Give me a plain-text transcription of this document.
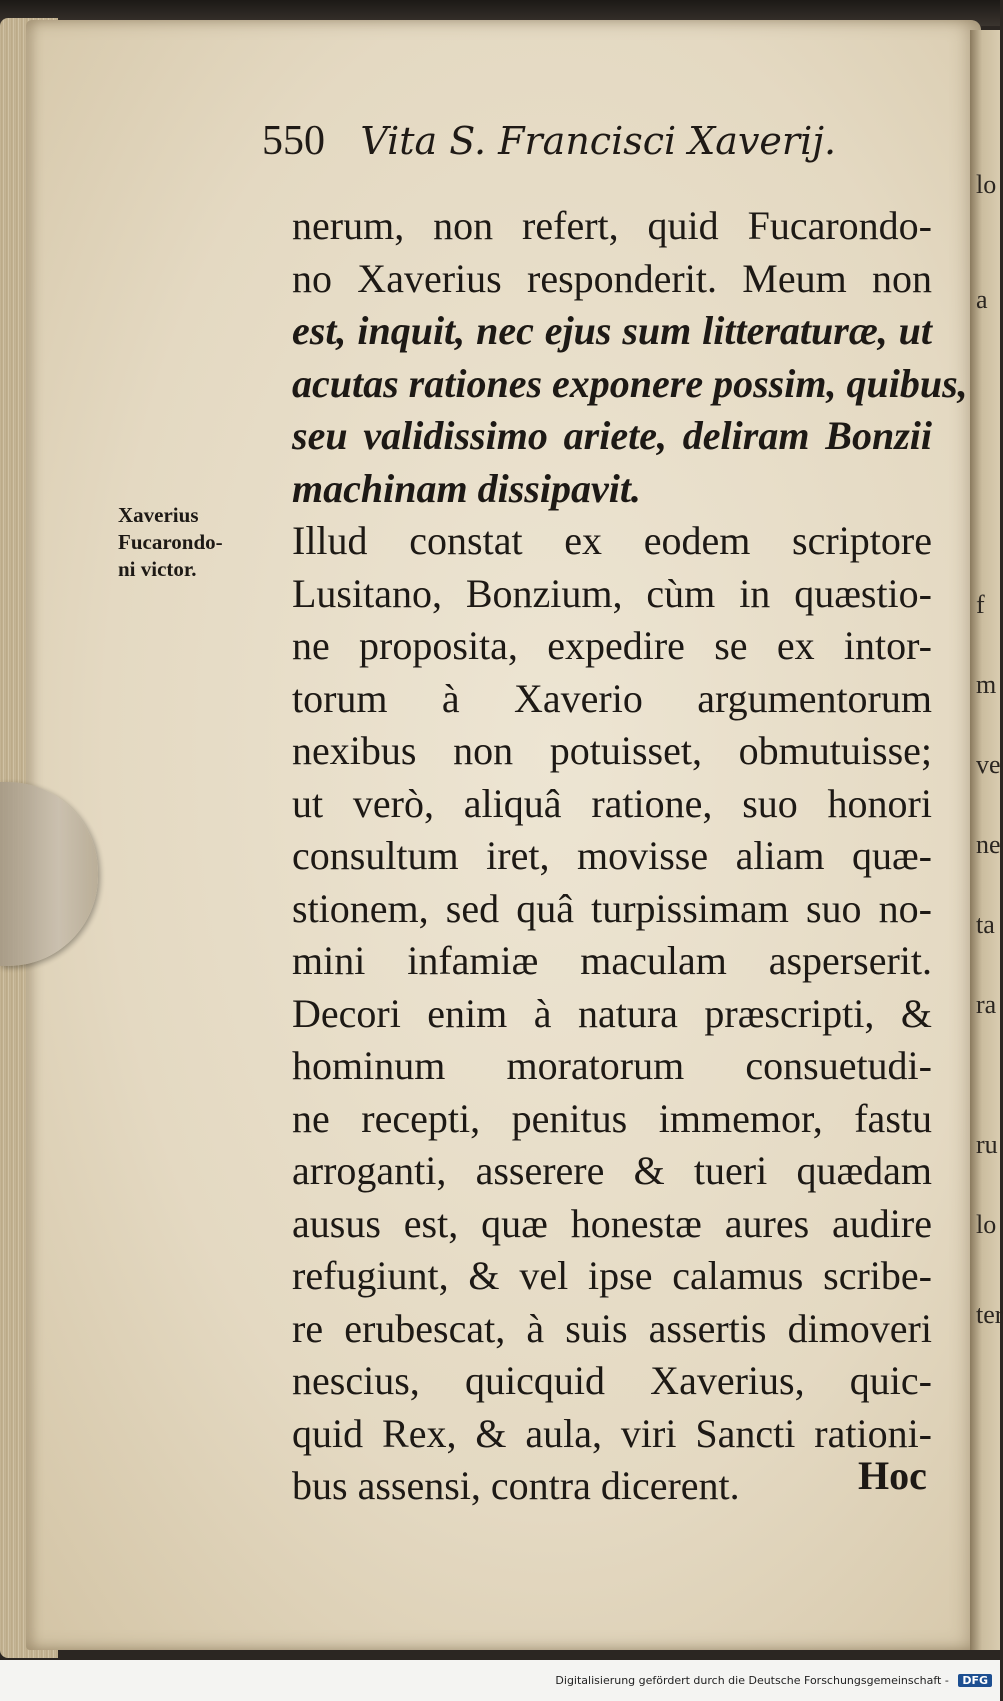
lo
a
f
m
ve
ne
ta
ra
ru
lo
ter
550 Vita S. Francisci Xaverij.
Xaverius
Fucarondo-
ni victor.
nerum, non refert, quid Fucarondo-
no Xaverius responderit. Meum non
est, inquit, nec ejus sum litteraturæ, ut
acutas rationes exponere possim, quibus,
seu validissimo ariete, deliram Bonzii
machinam dissipavit.
Illud constat ex eodem scriptore
Lusitano, Bonzium, cùm in quæstio-
ne proposita, expedire se ex intor-
torum à Xaverio argumentorum
nexibus non potuisset, obmutuisse;
ut verò, aliquâ ratione, suo honori
consultum iret, movisse aliam quæ-
stionem, sed quâ turpissimam suo no-
mini infamiæ maculam asperserit.
Decori enim à natura præscripti, &
hominum moratorum consuetudi-
ne recepti, penitus immemor, fastu
arroganti, asserere & tueri quædam
ausus est, quæ honestæ aures audire
refugiunt, & vel ipse calamus scribe-
re erubescat, à suis assertis dimoveri
nescius, quicquid Xaverius, quic-
quid Rex, & aula, viri Sancti rationi-
bus assensi, contra dicerent.	Hoc
Digitalisierung gefördert durch die Deutsche Forschungsgemeinschaft - DFG
